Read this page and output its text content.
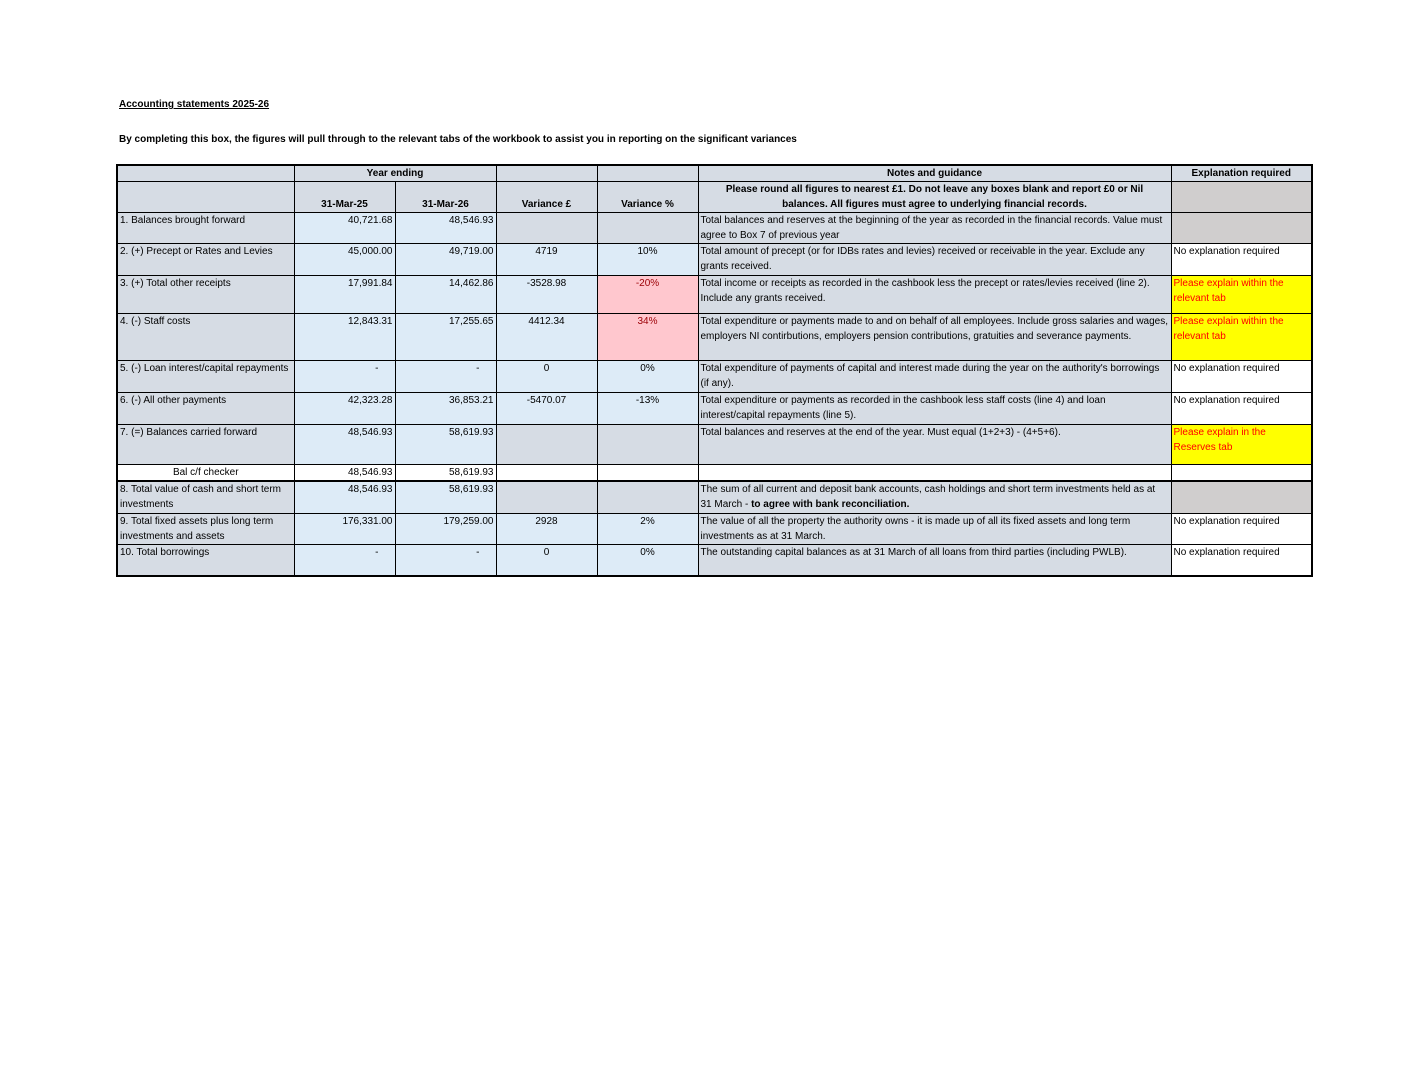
Accounting statements 2025-26
By completing this box, the figures will pull through to the relevant tabs of the workbook to assist you in reporting on the significant variances
	Year ending				Notes and guidance	Explanation required
	31-Mar-25	31-Mar-26	Variance £	Variance %	Please round all figures to nearest £1. Do not leave any boxes blank and report £0 or Nil
balances. All figures must agree to underlying financial records.	

1. Balances brought forward	40,721.68	48,546.93			Total balances and reserves at the beginning of the year as recorded in the financial records. Value must agree to Box 7 of previous year	
2. (+) Precept or Rates and Levies	45,000.00	49,719.00	4719	10%	Total amount of precept (or for IDBs rates and levies) received or receivable in the year. Exclude any grants received.	No explanation required
3. (+) Total other receipts	17,991.84	14,462.86	-3528.98	-20%	Total income or receipts as recorded in the cashbook less the precept or rates/levies received (line 2). Include any grants received.	Please explain within the relevant tab
4. (-) Staff costs	12,843.31	17,255.65	4412.34	34%	Total expenditure or payments made to and on behalf of all employees. Include gross salaries and wages, employers NI contirbutions, employers pension contributions, gratuities and severance payments.	Please explain within the relevant tab
5. (-) Loan interest/capital repayments	-	-	0	0%	Total expenditure of payments of capital and interest made during the year on the authority's borrowings (if any).	No explanation required
6. (-) All other payments	42,323.28	36,853.21	-5470.07	-13%	Total expenditure or payments as recorded in the cashbook less staff costs (line 4) and loan interest/capital repayments (line 5).	No explanation required
7. (=) Balances carried forward	48,546.93	58,619.93			Total balances and reserves at the end of the year. Must equal (1+2+3) - (4+5+6).	Please explain in the Reserves tab
Bal c/f checker	48,546.93	58,619.93				
8. Total value of cash and short term investments	48,546.93	58,619.93			The sum of all current and deposit bank accounts, cash holdings and short term investments held as at 31 March - to agree with bank reconciliation.	
9. Total fixed assets plus long term investments and assets	176,331.00	179,259.00	2928	2%	The value of all the property the authority owns - it is made up of all its fixed assets and long term investments as at 31 March.	No explanation required
10. Total borrowings	-	-	0	0%	The outstanding capital balances as at 31 March of all loans from third parties (including PWLB).	No explanation required
